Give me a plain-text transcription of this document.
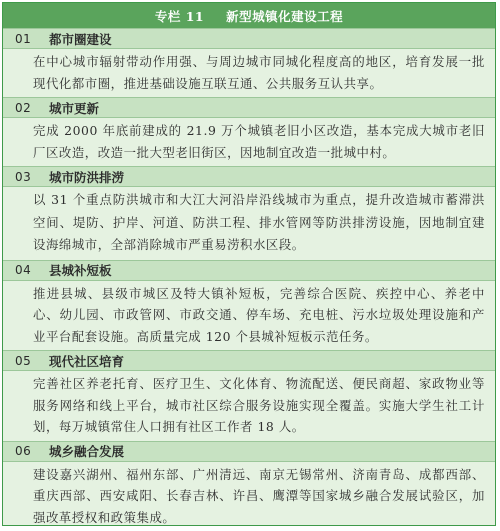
专栏 11 新型城镇化建设工程
01	都市圈建设
在中心城市辐射带动作用强、与周边城市同城化程度高的地区，培育发展一批现代化都市圈，推进基础设施互联互通、公共服务互认共享。
02	城市更新
完成 2000 年底前建成的 21.9 万个城镇老旧小区改造，基本完成大城市老旧厂区改造，改造一批大型老旧街区，因地制宜改造一批城中村。
03	城市防洪排涝
以 31 个重点防洪城市和大江大河沿岸沿线城市为重点，提升改造城市蓄滞洪空间、堤防、护岸、河道、防洪工程、排水管网等防洪排涝设施，因地制宜建设海绵城市，全部消除城市严重易涝积水区段。
04	县城补短板
推进县城、县级市城区及特大镇补短板，完善综合医院、疾控中心、养老中心、幼儿园、市政管网、市政交通、停车场、充电桩、污水垃圾处理设施和产业平台配套设施。高质量完成 120 个县城补短板示范任务。
05	现代社区培育
完善社区养老托育、医疗卫生、文化体育、物流配送、便民商超、家政物业等服务网络和线上平台，城市社区综合服务设施实现全覆盖。实施大学生社工计划，每万城镇常住人口拥有社区工作者 18 人。
06	城乡融合发展
建设嘉兴湖州、福州东部、广州清远、南京无锡常州、济南青岛、成都西部、重庆西部、西安咸阳、长春吉林、许昌、鹰潭等国家城乡融合发展试验区，加强改革授权和政策集成。
